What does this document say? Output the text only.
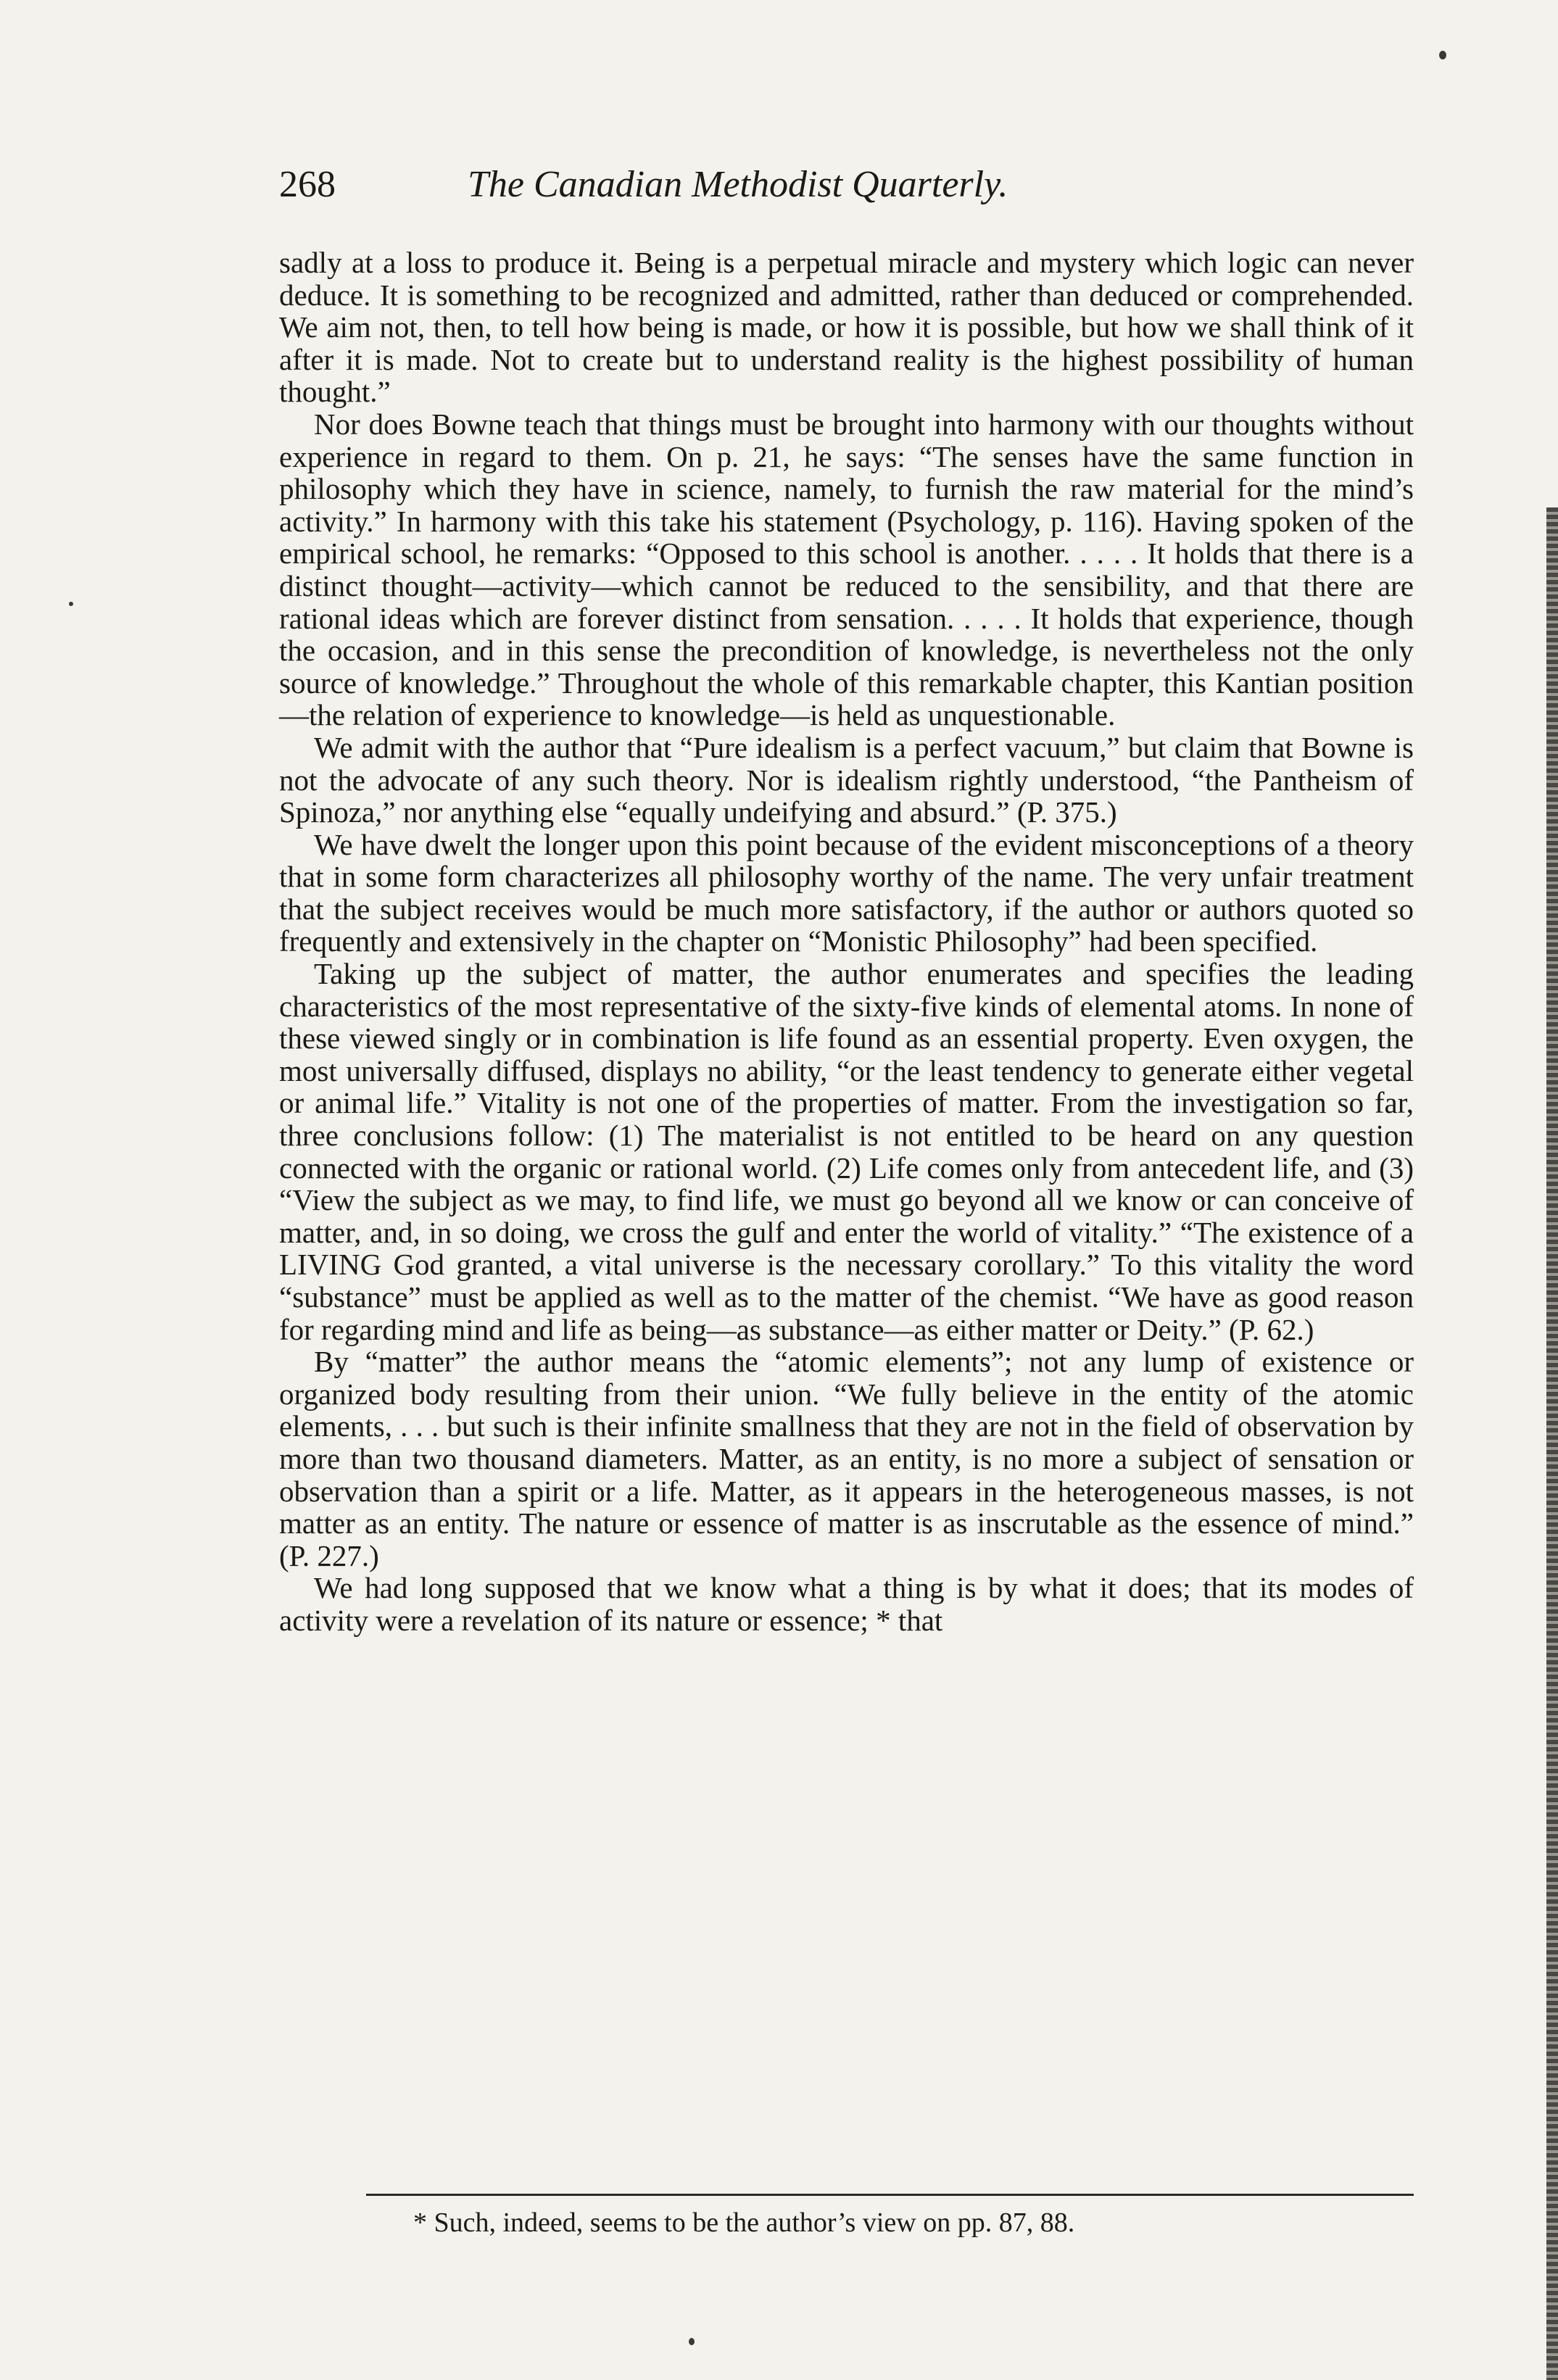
268	The Canadian Methodist Quarterly.

sadly at a loss to produce it. Being is a perpetual miracle and mystery which logic can never deduce. It is something to be recognized and admitted, rather than deduced or comprehended. We aim not, then, to tell how being is made, or how it is possible, but how we shall think of it after it is made. Not to create but to understand reality is the highest possibility of human thought.”

Nor does Bowne teach that things must be brought into harmony with our thoughts without experience in regard to them. On p. 21, he says: “The senses have the same function in philosophy which they have in science, namely, to furnish the raw material for the mind’s activity.” In harmony with this take his statement (Psychology, p. 116). Having spoken of the empirical school, he remarks: “Opposed to this school is another. . . . . It holds that there is a distinct thought—activity—which cannot be reduced to the sensibility, and that there are rational ideas which are forever distinct from sensation. . . . . It holds that experience, though the occasion, and in this sense the precondition of knowledge, is nevertheless not the only source of knowledge.” Throughout the whole of this remarkable chapter, this Kantian position—the relation of experience to knowledge—is held as unquestionable.

We admit with the author that “Pure idealism is a perfect vacuum,” but claim that Bowne is not the advocate of any such theory. Nor is idealism rightly understood, “the Pantheism of Spinoza,” nor anything else “equally undeifying and absurd.” (P. 375.)

We have dwelt the longer upon this point because of the evident misconceptions of a theory that in some form characterizes all philosophy worthy of the name. The very unfair treatment that the subject receives would be much more satisfactory, if the author or authors quoted so frequently and extensively in the chapter on “Monistic Philosophy” had been specified.

Taking up the subject of matter, the author enumerates and specifies the leading characteristics of the most representative of the sixty-five kinds of elemental atoms. In none of these viewed singly or in combination is life found as an essential property. Even oxygen, the most universally diffused, displays no ability, “or the least tendency to generate either vegetal or animal life.” Vitality is not one of the properties of matter. From the investigation so far, three conclusions follow: (1) The materialist is not entitled to be heard on any question connected with the organic or rational world. (2) Life comes only from antecedent life, and (3) “View the subject as we may, to find life, we must go beyond all we know or can conceive of matter, and, in so doing, we cross the gulf and enter the world of vitality.” “The existence of a LIVING God granted, a vital universe is the necessary corollary.” To this vitality the word “substance” must be applied as well as to the matter of the chemist. “We have as good reason for regarding mind and life as being—as substance—as either matter or Deity.” (P. 62.)

By “matter” the author means the “atomic elements”; not any lump of existence or organized body resulting from their union. “We fully believe in the entity of the atomic elements, . . . but such is their infinite smallness that they are not in the field of observation by more than two thousand diameters. Matter, as an entity, is no more a subject of sensation or observation than a spirit or a life. Matter, as it appears in the heterogeneous masses, is not matter as an entity. The nature or essence of matter is as inscrutable as the essence of mind.” (P. 227.)

We had long supposed that we know what a thing is by what it does; that its modes of activity were a revelation of its nature or essence; * that

* Such, indeed, seems to be the author’s view on pp. 87, 88.
